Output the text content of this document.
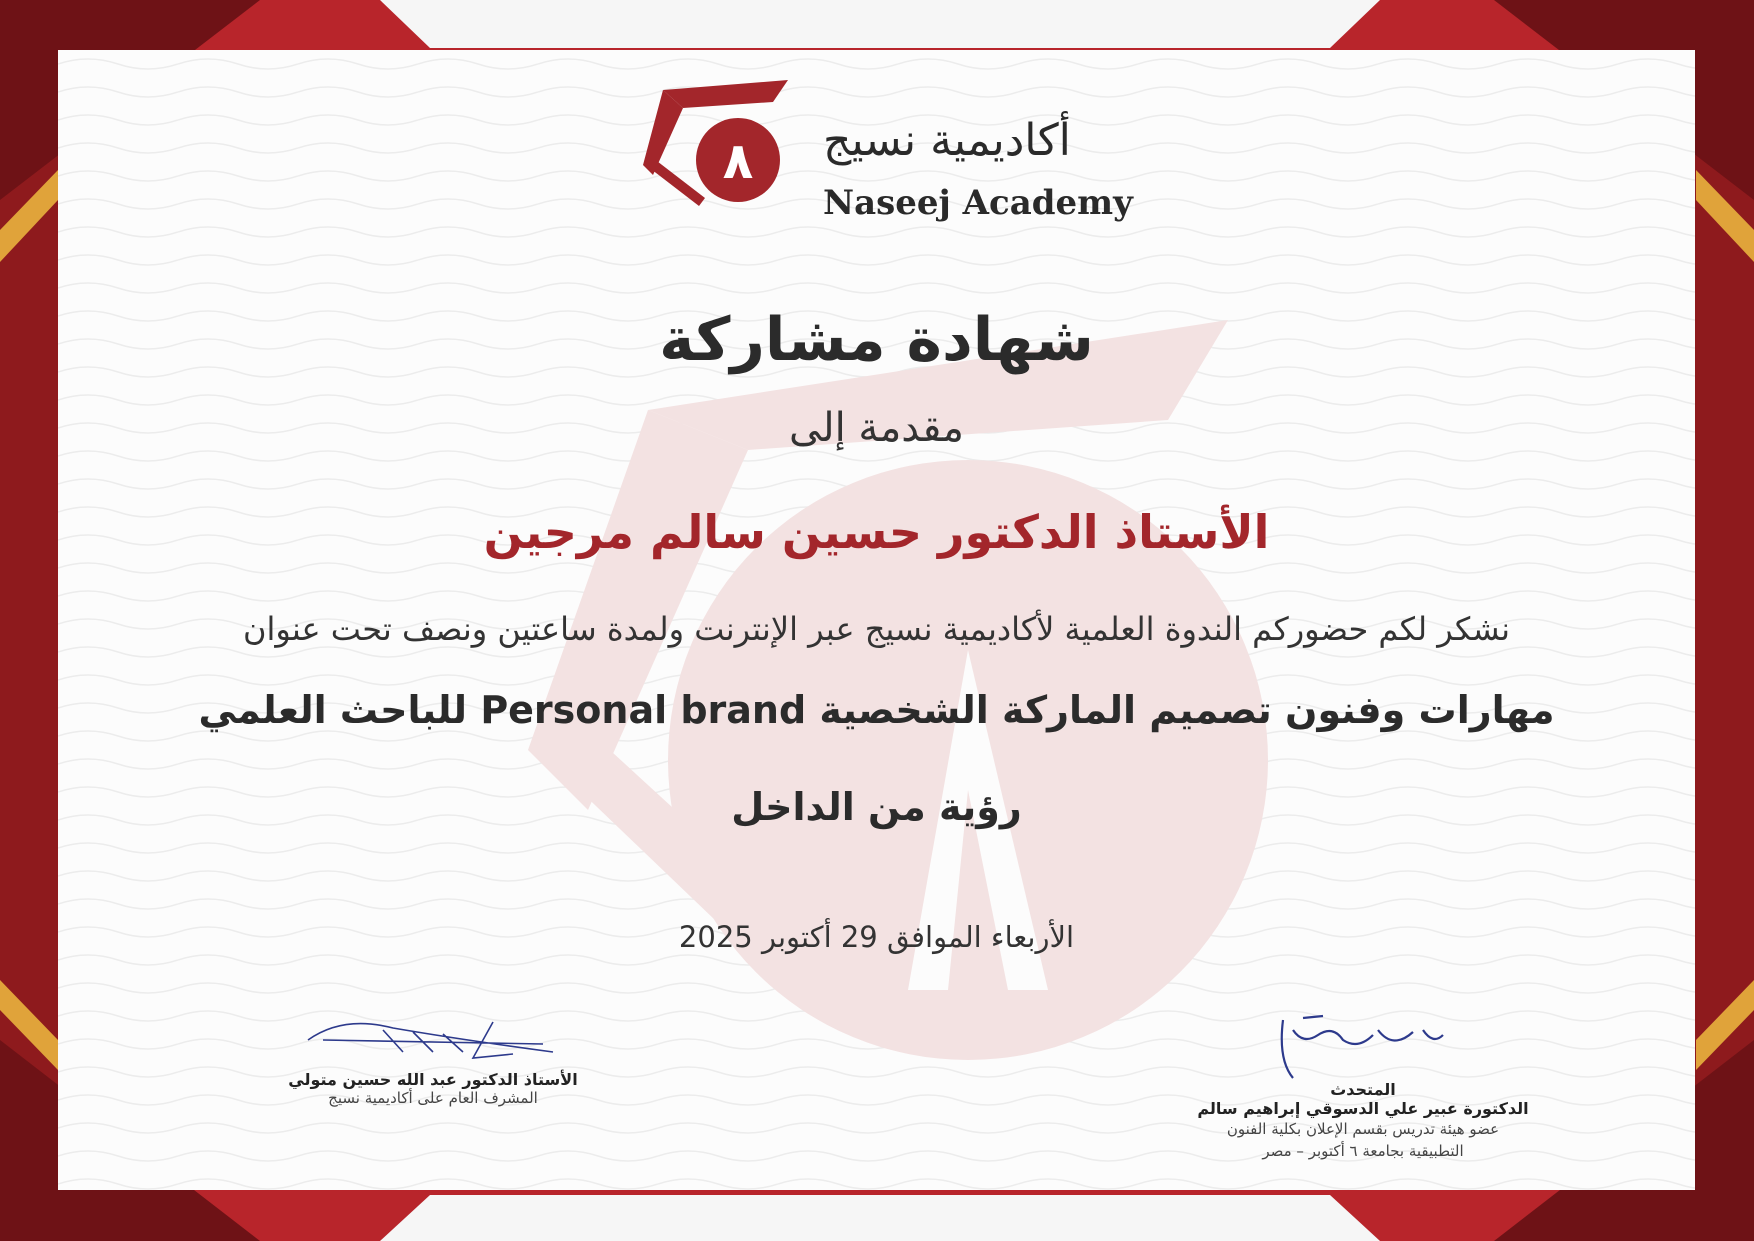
٨ أكاديمية نسيج
Naseej Academy
شهادة مشاركة
مقدمة إلى
الأستاذ الدكتور حسين سالم مرجين
نشكر لكم حضوركم الندوة العلمية لأكاديمية نسيج عبر الإنترنت ولمدة ساعتين ونصف تحت عنوان
مهارات وفنون تصميم الماركة الشخصية Personal brand للباحث العلمي
رؤية من الداخل
الأربعاء الموافق 29 أكتوبر 2025
الأستاذ الدكتور عبد الله حسين متولي
المشرف العام على أكاديمية نسيج	المتحدث
الدكتورة عبير علي الدسوقي إبراهيم سالم
عضو هيئة تدريس بقسم الإعلان بكلية الفنون
التطبيقية بجامعة ٦ أكتوبر – مصر
